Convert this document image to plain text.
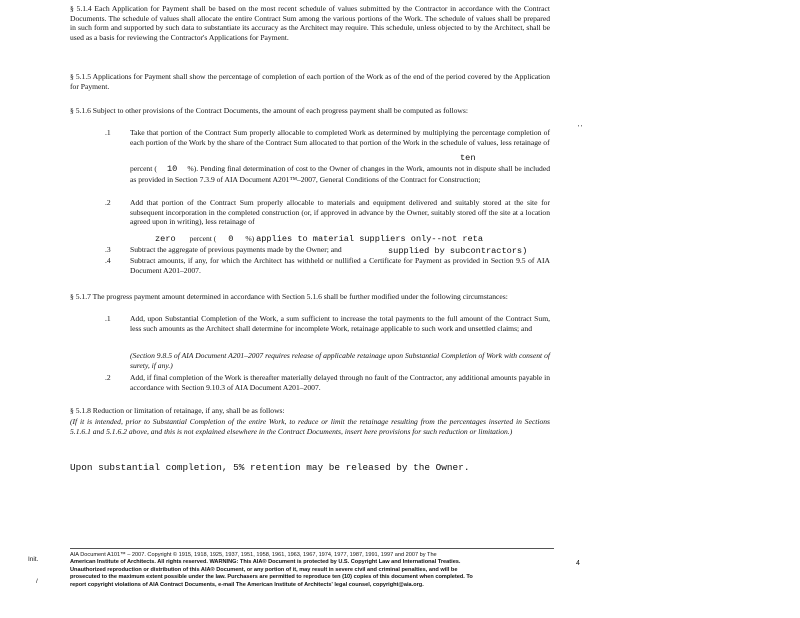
§ 5.1.4 Each Application for Payment shall be based on the most recent schedule of values submitted by the Contractor in accordance with the Contract Documents. The schedule of values shall allocate the entire Contract Sum among the various portions of the Work. The schedule of values shall be prepared in such form and supported by such data to substantiate its accuracy as the Architect may require. This schedule, unless objected to by the Architect, shall be used as a basis for reviewing the Contractor's Applications for Payment.
§ 5.1.5 Applications for Payment shall show the percentage of completion of each portion of the Work as of the end of the period covered by the Application for Payment.
§ 5.1.6 Subject to other provisions of the Contract Documents, the amount of each progress payment shall be computed as follows:
' '
.1	Take that portion of the Contract Sum properly allocable to completed Work as determined by multiplying the percentage completion of each portion of the Work by the share of the Contract Sum allocated to that portion of the Work in the schedule of values, less retainage of
ten
percent ( 10 %). Pending final determination of cost to the Owner of changes in the Work, amounts not in dispute shall be included as provided in Section 7.3.9 of AIA Document A201™–2007, General Conditions of the Contract for Construction;
.2	Add that portion of the Contract Sum properly allocable to materials and equipment delivered and suitably stored at the site for subsequent incorporation in the completed construction (or, if approved in advance by the Owner, suitably stored off the site at a location agreed upon in writing), less retainage of
zero percent ( 0 %) applies to material suppliers only--not reta
supplied by subcontractors)
.3	Subtract the aggregate of previous payments made by the Owner; and
.4	Subtract amounts, if any, for which the Architect has withheld or nullified a Certificate for Payment as provided in Section 9.5 of AIA Document A201–2007.
§ 5.1.7 The progress payment amount determined in accordance with Section 5.1.6 shall be further modified under the following circumstances:
.1	Add, upon Substantial Completion of the Work, a sum sufficient to increase the total payments to the full amount of the Contract Sum, less such amounts as the Architect shall determine for incomplete Work, retainage applicable to such work and unsettled claims; and
(Section 9.8.5 of AIA Document A201–2007 requires release of applicable retainage upon Substantial Completion of Work with consent of surety, if any.)
.2	Add, if final completion of the Work is thereafter materially delayed through no fault of the Contractor, any additional amounts payable in accordance with Section 9.10.3 of AIA Document A201–2007.
§ 5.1.8 Reduction or limitation of retainage, if any, shall be as follows:
(If it is intended, prior to Substantial Completion of the entire Work, to reduce or limit the retainage resulting from the percentages inserted in Sections 5.1.6.1 and 5.1.6.2 above, and this is not explained elsewhere in the Contract Documents, insert here provisions for such reduction or limitation.)
Upon substantial completion, 5% retention may be released by the Owner.
Init.
/
4
AIA Document A101™ – 2007. Copyright © 1915, 1918, 1925, 1937, 1951, 1958, 1961, 1963, 1967, 1974, 1977, 1987, 1991, 1997 and 2007 by The
American Institute of Architects. All rights reserved. WARNING: This AIA® Document is protected by U.S. Copyright Law and International Treaties.
Unauthorized reproduction or distribution of this AIA® Document, or any portion of it, may result in severe civil and criminal penalties, and will be
prosecuted to the maximum extent possible under the law. Purchasers are permitted to reproduce ten (10) copies of this document when completed. To
report copyright violations of AIA Contract Documents, e-mail The American Institute of Architects' legal counsel, copyright@aia.org.
